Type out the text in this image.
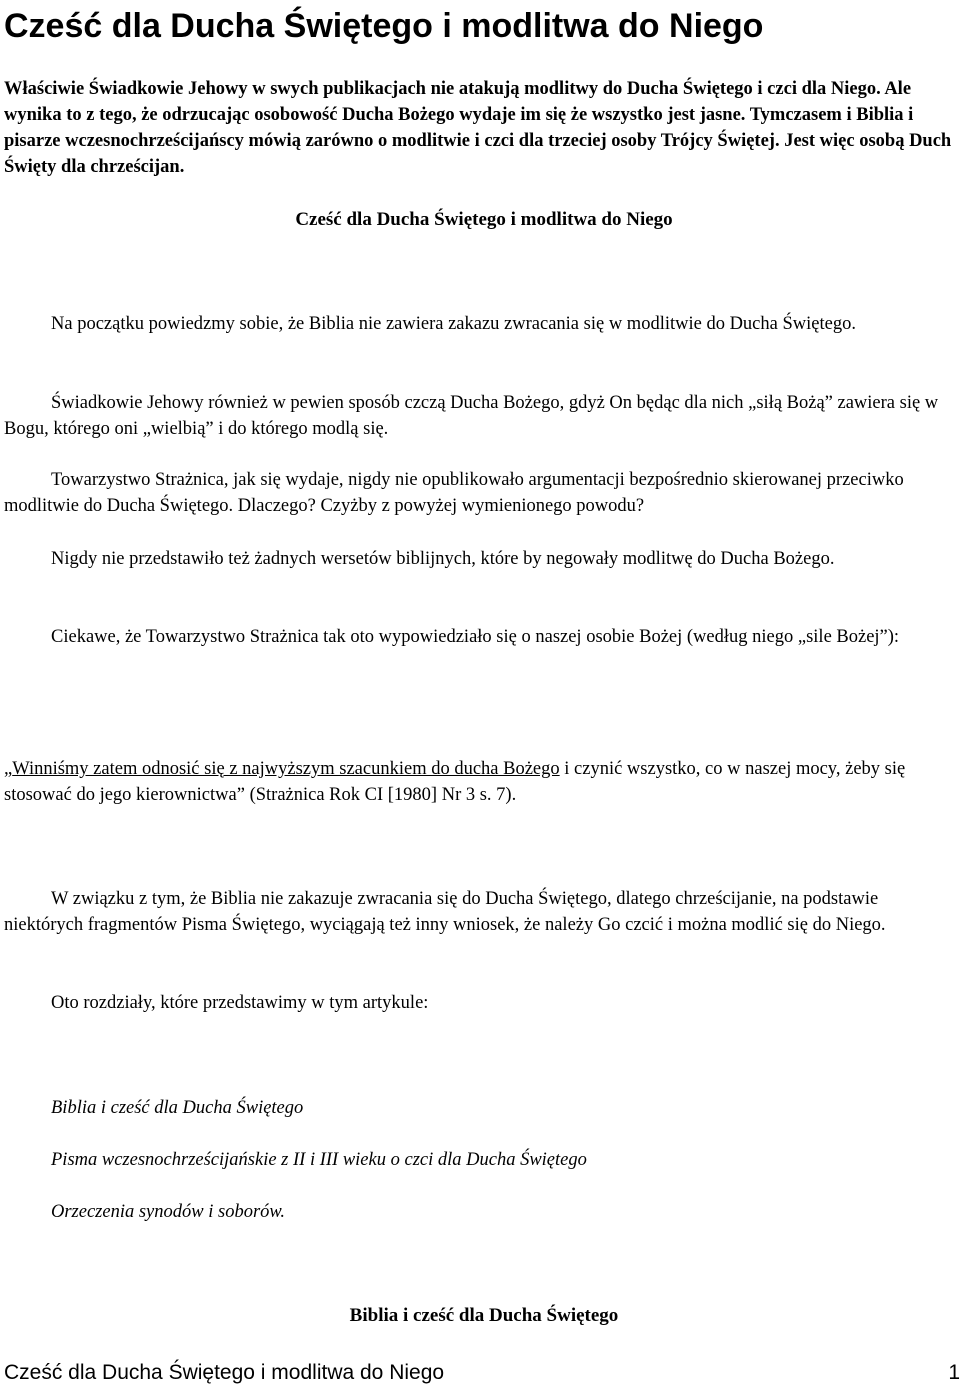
Cześć dla Ducha Świętego i modlitwa do Niego

Właściwie Świadkowie Jehowy w swych publikacjach nie atakują modlitwy do Ducha Świętego i czci dla Niego. Ale wynika to z tego, że odrzucając osobowość Ducha Bożego wydaje im się że wszystko jest jasne. Tymczasem i Biblia i pisarze wczesnochrześcijańscy mówią zarówno o modlitwie i czci dla trzeciej osoby Trójcy Świętej. Jest więc osobą Duch Święty dla chrześcijan.

Cześć dla Ducha Świętego i modlitwa do Niego

Na początku powiedzmy sobie, że Biblia nie zawiera zakazu zwracania się w modlitwie do Ducha Świętego.

Świadkowie Jehowy również w pewien sposób czczą Ducha Bożego, gdyż On będąc dla nich „siłą Bożą” zawiera się w Bogu, którego oni „wielbią” i do którego modlą się.

Towarzystwo Strażnica, jak się wydaje, nigdy nie opublikowało argumentacji bezpośrednio skierowanej przeciwko modlitwie do Ducha Świętego. Dlaczego? Czyżby z powyżej wymienionego powodu?

Nigdy nie przedstawiło też żadnych wersetów biblijnych, które by negowały modlitwę do Ducha Bożego.

Ciekawe, że Towarzystwo Strażnica tak oto wypowiedziało się o naszej osobie Bożej (według niego „sile Bożej”):

„Winniśmy zatem odnosić się z najwyższym szacunkiem do ducha Bożego i czynić wszystko, co w naszej mocy, żeby się stosować do jego kierownictwa” (Strażnica Rok CI [1980] Nr 3 s. 7).

W związku z tym, że Biblia nie zakazuje zwracania się do Ducha Świętego, dlatego chrześcijanie, na podstawie niektórych fragmentów Pisma Świętego, wyciągają też inny wniosek, że należy Go czcić i można modlić się do Niego.

Oto rozdziały, które przedstawimy w tym artykule:

Biblia i cześć dla Ducha Świętego

Pisma wczesnochrześcijańskie z II i III wieku o czci dla Ducha Świętego

Orzeczenia synodów i soborów.

Biblia i cześć dla Ducha Świętego

Cześć dla Ducha Świętego i modlitwa do Niego	1
